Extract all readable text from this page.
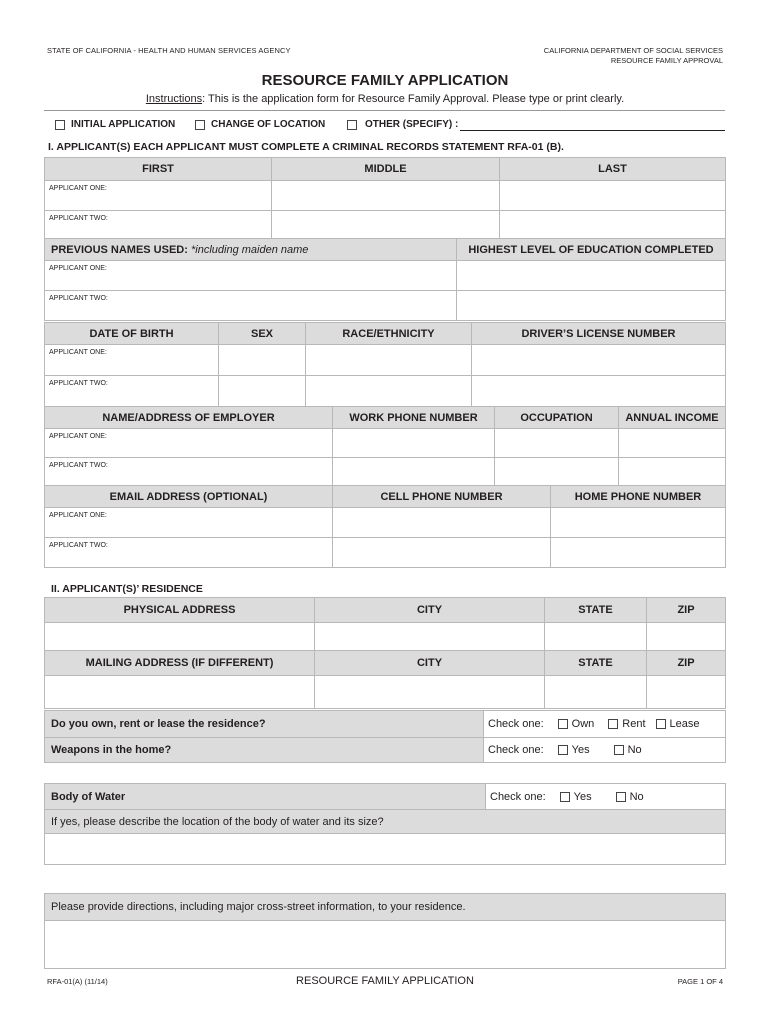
STATE OF CALIFORNIA - HEALTH AND HUMAN SERVICES AGENCY	CALIFORNIA DEPARTMENT OF SOCIAL SERVICES
RESOURCE FAMILY APPROVAL
RESOURCE FAMILY APPLICATION
Instructions: This is the application form for Resource Family Approval. Please type or print clearly.
INITIAL APPLICATION	CHANGE OF LOCATION	OTHER (SPECIFY) :
I. APPLICANT(S) EACH APPLICANT MUST COMPLETE A CRIMINAL RECORDS STATEMENT RFA-01 (B).
FIRST	MIDDLE	LAST
APPLICANT ONE:		
APPLICANT TWO:		
PREVIOUS NAMES USED: *including maiden name	HIGHEST LEVEL OF EDUCATION COMPLETED
APPLICANT ONE:	
APPLICANT TWO:	
DATE OF BIRTH	SEX	RACE/ETHNICITY	DRIVER’S LICENSE NUMBER
APPLICANT ONE:			
APPLICANT TWO:			
NAME/ADDRESS OF EMPLOYER	WORK PHONE NUMBER	OCCUPATION	ANNUAL INCOME
APPLICANT ONE:			
APPLICANT TWO:			
EMAIL ADDRESS (OPTIONAL)	CELL PHONE NUMBER	HOME PHONE NUMBER
APPLICANT ONE:		
APPLICANT TWO:		
II. APPLICANT(S)’ RESIDENCE
PHYSICAL ADDRESS	CITY	STATE	ZIP

MAILING ADDRESS (IF DIFFERENT)	CITY	STATE	ZIP

Do you own, rent or lease the residence?	Check one: Own Rent Lease

Weapons in the home?	Check one: Yes No
Body of Water	Check one:	Yes	No

If yes, please describe the location of the body of water and its size?

Please provide directions, including major cross-street information, to your residence.

RFA-01(A) (11/14)	RESOURCE FAMILY APPLICATION	PAGE 1 OF 4
